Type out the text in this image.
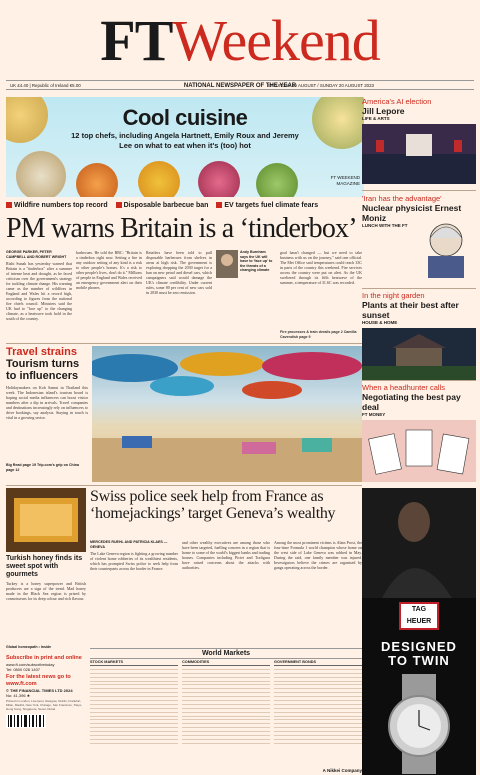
FTWeekend
UK £4.40 | Republic of Ireland €5.00	NATIONAL NEWSPAPER OF THE YEAR
SATURDAY 19 AUGUST / SUNDAY 20 AUGUST 2023
Cool cuisine
12 top chefs, including Angela Hartnett, Emily Roux and Jeremy Lee on what to eat when it's (too) hot
FT WEEKEND MAGAZINE
America's AI election
Jill Lepore
LIFE & ARTS
'Iran has the advantage'
Nuclear physicist Ernest Moniz
LUNCH WITH THE FT
In the night garden
Plants at their best after sunset
HOUSE & HOME
When a headhunter calls
Negotiating the best pay deal
FT MONEY
Wildfire numbers top record Disposable barbecue ban EV targets fuel climate fears
PM warns Britain is a ‘tinderbox’
GEORGE PARKER, PETER CAMPBELL AND ROBERT WRIGHT
Rishi Sunak has yesterday warned that Britain is a "tinderbox" after a summer of intense heat and drought, as he faced criticism over the government's strategy for tackling climate change. His warning came as the number of wildfires in England and Wales hit a record high, according to figures from the national fire chiefs council. Ministers said the UK had to "face up" to the changing climate, as a heatwave took hold in the south of the country.
barbecues. He told the BBC: "Britain is a tinderbox right now. Setting a fire in any outdoor setting of any kind is a risk to other people's homes. It's a risk to other people's lives, don't do it." Millions of people in England and Wales received an emergency government alert on their mobile phones.
Retailers have been told to pull disposable barbecues from shelves in areas at high risk. The government is exploring dropping the 2030 target for a ban on new petrol and diesel cars, which campaigners said would damage the UK's climate credibility. Under current rules, some 80 per cent of new cars sold in 2030 must be zero emission.
Andy Burnham says the UK will have to 'face up' to the threats of a changing climate
goal hasn't changed — but we need to take business with us on the journey," said one official. The Met Office said temperatures could reach 33C in parts of the country this weekend. Fire services across the country were put on alert. As the UK sweltered through its fifth heatwave of the summer, a temperature of 31.6C was recorded.
Fire processes & train derails page 2 Camilla Cavendish page 9
Travel strains
Tourism turns to influencers
Holidaymakers on Koh Samui in Thailand this week. The Indonesian island's tourism board is hoping social media influencers can boost visitor numbers after a dip in arrivals. Travel companies and destinations increasingly rely on influencers to drive bookings, say analysts. Staying in touch is vital in a growing sector.
Big Read page 19 Trip.com's grip on China page 12
Turkish honey finds its sweet spot with gourmets
Turkey is a honey superpower and British producers are a sign of the trend. Mad honey made in the Black Sea region is prized by connoisseurs for its deep colour and rich flavour.
Global homeopath • Inside
Subscribe in print and online
www.ft.com/subscribetoday
Tel: 0800 028 1407
For the latest news go to www.ft.com
© THE FINANCIAL TIMES LTD 2024
No: 41,396 ★
Printed in London, Liverpool, Glasgow, Dublin, Frankfurt, Milan, Madrid, New York, Chicago, San Francisco, Tokyo, Hong Kong, Singapore, Seoul, Dubai
Swiss police seek help from France as ‘homejackings’ target Geneva’s wealthy
MERCEDES RUEHL AND PATRICIA KLAES — GENEVA
The Lake Geneva region is fighting a growing number of violent home robberies of its wealthiest residents, which has prompted Swiss police to seek help from their counterparts across the border in France.
and other wealthy executives are among those who have been targeted, fuelling concern in a region that is home to some of the world's biggest banks and trading houses. Companies including Pictet and Trafigura have raised concerns about the attacks with authorities.
Among the most prominent victims is Alain Prost, the four-time Formula 1 world champion whose home on the west side of Lake Geneva was robbed in May. During the raid, one family member was injured. Investigators believe the crimes are organised by gangs operating across the border.
World Markets
STOCK MARKETS	COMMODITIES	GOVERNMENT BONDS
A Nikkei Company
TAG HEUER
DESIGNED
TO TWIN
